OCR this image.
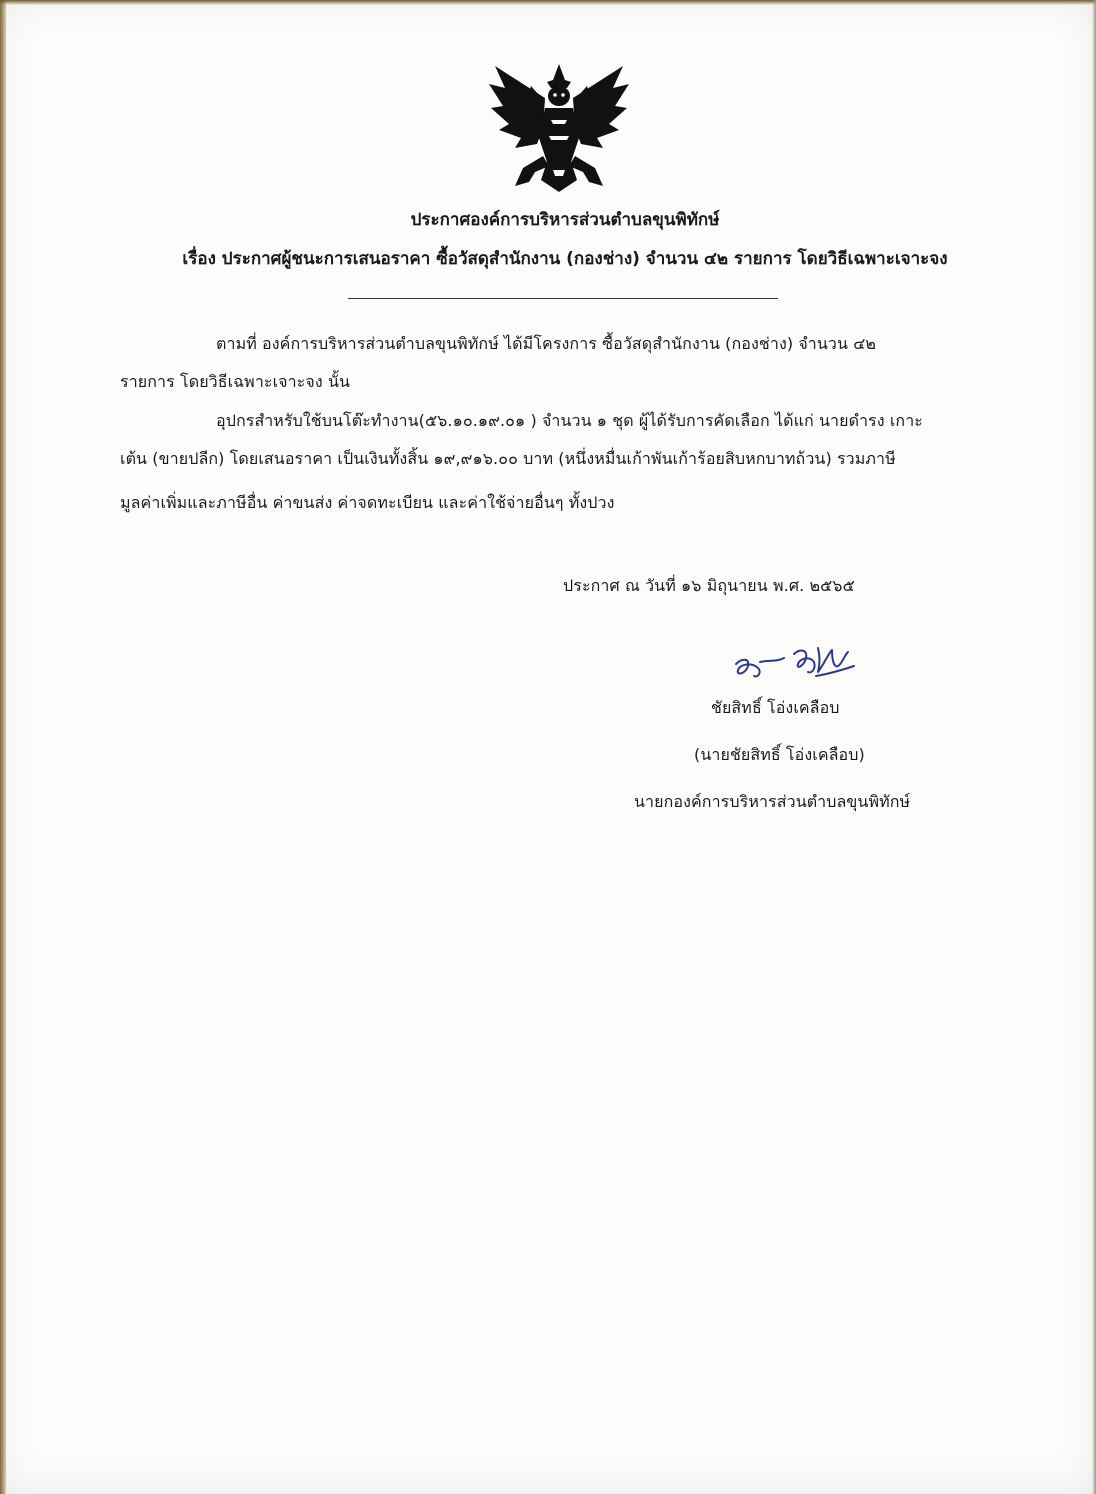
ประกาศองค์การบริหารส่วนตำบลขุนพิทักษ์
เรื่อง ประกาศผู้ชนะการเสนอราคา ซื้อวัสดุสำนักงาน (กองช่าง) จำนวน ๔๒ รายการ โดยวิธีเฉพาะเจาะจง
ตามที่ องค์การบริหารส่วนตำบลขุนพิทักษ์ ได้มีโครงการ ซื้อวัสดุสำนักงาน (กองช่าง) จำนวน ๔๒
รายการ โดยวิธีเฉพาะเจาะจง นั้น
อุปกรสำหรับใช้บนโต๊ะทำงาน(๕๖.๑๐.๑๙.๐๑ ) จำนวน ๑ ชุด ผู้ได้รับการคัดเลือก ได้แก่ นายดำรง เกาะ
เต้น (ขายปลีก) โดยเสนอราคา เป็นเงินทั้งสิ้น ๑๙,๙๑๖.๐๐ บาท (หนึ่งหมื่นเก้าพันเก้าร้อยสิบหกบาทถ้วน) รวมภาษี
มูลค่าเพิ่มและภาษีอื่น ค่าขนส่ง ค่าจดทะเบียน และค่าใช้จ่ายอื่นๆ ทั้งปวง
ประกาศ ณ วันที่ ๑๖ มิถุนายน พ.ศ. ๒๕๖๕
ชัยสิทธิ์ โอ่งเคลือบ
(นายชัยสิทธิ์ โอ่งเคลือบ)
นายกองค์การบริหารส่วนตำบลขุนพิทักษ์
